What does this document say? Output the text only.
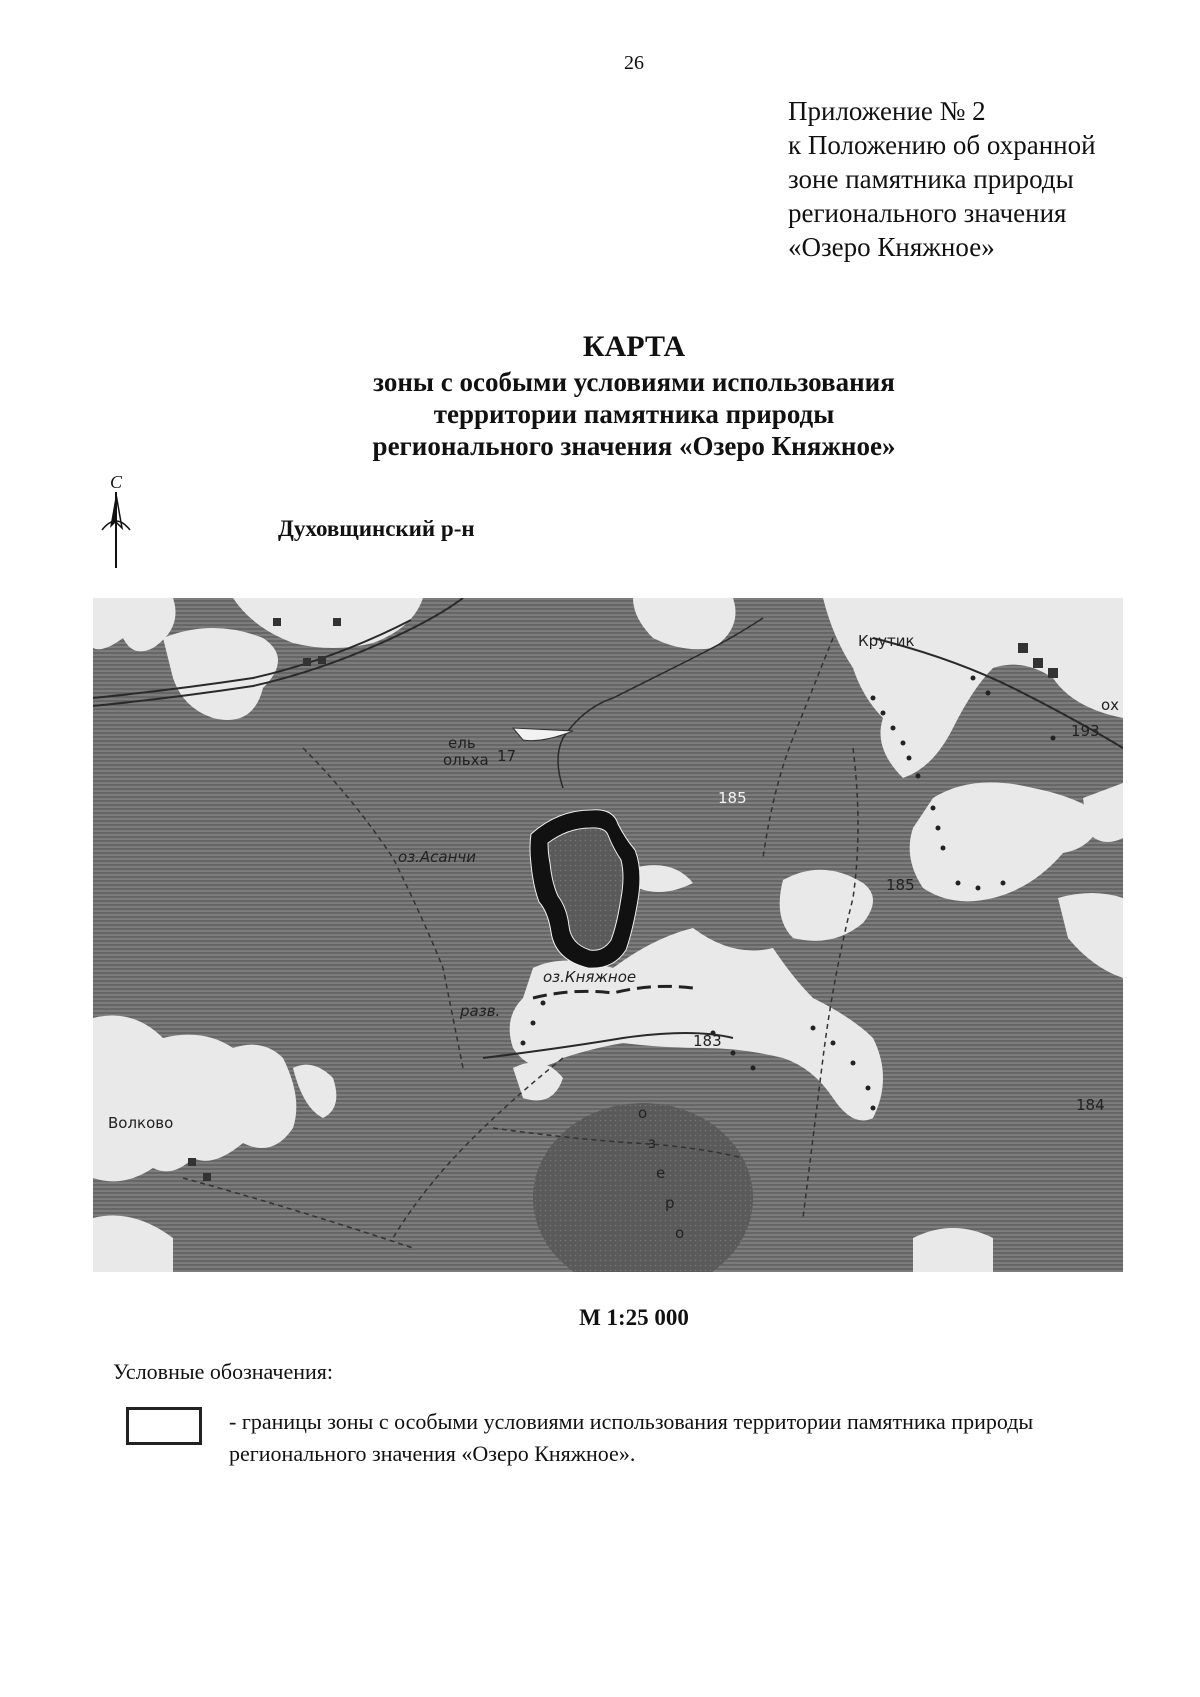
26
Приложение № 2
к Положению об охранной
зоне памятника природы
регионального значения
«Озеро Княжное»
КАРТА
зоны с особыми условиями использования
территории памятника природы
регионального значения «Озеро Княжное»
С
Духовщинский р-н
Крутик
ох
ель
ольха 17
185
185
193
183
184
оз.Асанчи
оз.Княжное
разв.
Волково
о
з
е
р
о
М 1:25 000
Условные обозначения:
- границы зоны с особыми условиями использования территории памятника природы регионального значения «Озеро Княжное».
